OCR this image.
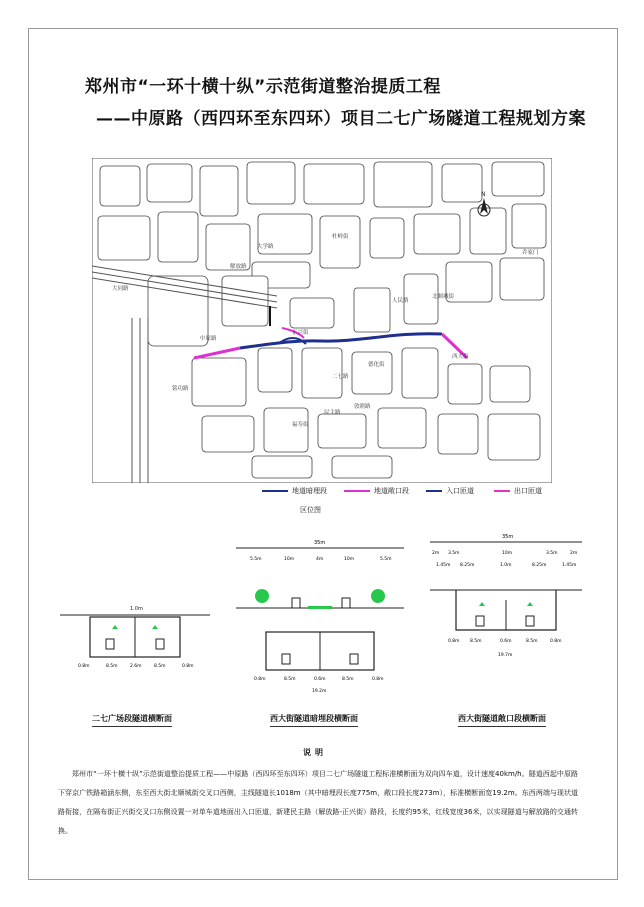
郑州市“一环十横十纵”示范街道整治提质工程
——中原路（西四环至东四环）项目二七广场隧道工程规划方案
N
中原路
正兴街
大学路
大同路
解放路
西大街
人民路
二七路
德化街
民主路
敦睦路
北顺城街
乔家门
铭功路
福寿街
杜岭街
地道暗埋段	地道敞口段	入口匝道	出口匝道
区位图
1.0m
0.8m	8.5m	2.6m	8.5m	0.8m
二七广场段隧道横断面
35m
5.5m	10m	4m	10m	5.5m
0.8m	8.5m	0.6m	8.5m	0.8m
19.2m
西大街隧道暗埋段横断面
35m
2m 3.5m	10m	3.5m	2m
1.45m 8.25m	1.0m	8.25m	1.45m
0.8m 8.5m	0.6m	8.5m	0.8m
19.7m
西大街隧道敞口段横断面
说明
郑州市“一环十横十纵”示范街道整治提质工程——中原路（西四环至东四环）项目二七广场隧道工程标准横断面为双向四车道，设计速度40km/h。隧道西起中原路下穿京广铁路箱涵东侧，东至西大街北顺城街交叉口西侧，主线隧道长1018m（其中暗埋段长度775m，敞口段长度273m），标准横断面宽19.2m。东西两端与现状道路衔接，在隔布街正兴街交叉口东侧设置一对单车道地面出入口匝道，新建民主路（解放路-正兴街）路段，长度约95米，红线宽度36米，以实现隧道与解放路的交通转换。
